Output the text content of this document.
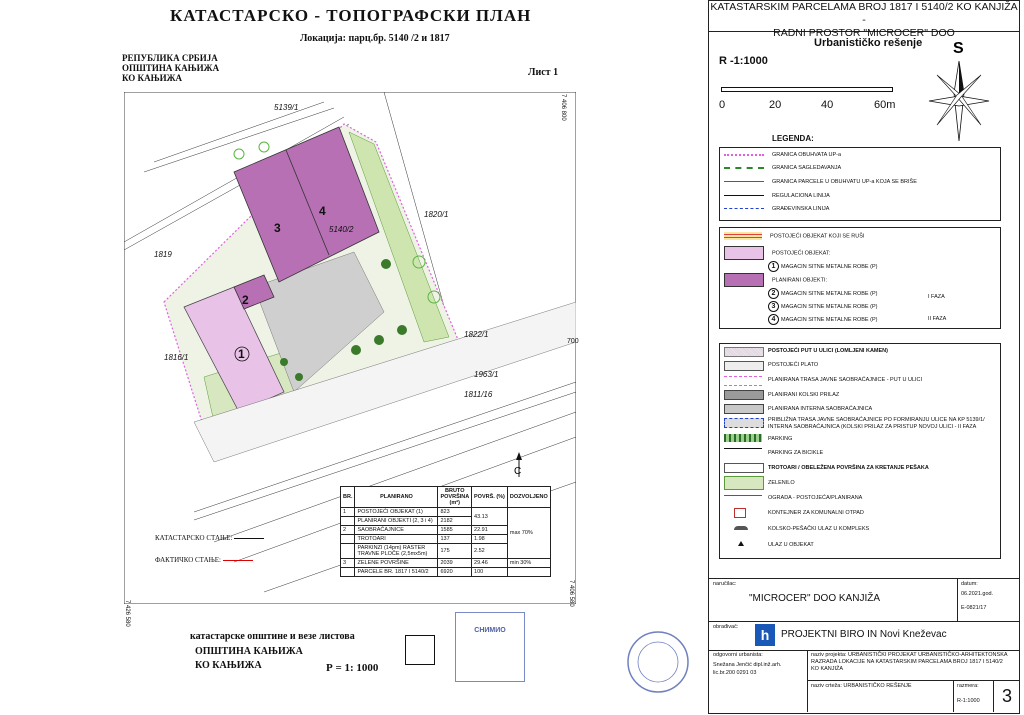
КАТАСТАРСКО - ТОПОГРАФСКИ ПЛАН
Локација: парц.бр. 5140 /2 и 1817
РЕПУБЛИКА СРБИЈА
ОПШТИНА КАЊИЖА
КО КАЊИЖА	Лист 1
1
2
3
4
5139/1
1819
1820/1
1816/1
1822/1
1963/1
1811/16
5140/2
С
7 406 800
700
7 426 580
7 406 580
BR.	PLANIRANO	BRUTO POVRŠINA (m²)	POVRŠ. (%)	DOZVOLJENO
1	POSTOJEĆI OBJEKAT (1)	823	43.13	max 70%
	PLANIRANI OBJEKTI (2, 3 i 4)	2182		
2	SAOBRAĆAJNICE	1585	22.91	
	TROTOARI	137	1.98	
	PARKINZI (14pm) RASTER TRAVNE PLOČE (2,5mx5m)	175	2.52	
3	ZELENE POVRŠINE	2039	29.46	min 30%
	PARCELE BR. 1817 I 5140/2	6920	100	
КАТАСТАРСКО СТАЊЕ:
ФАКТИЧКО СТАЊЕ:
катастарске општине и везе листова
ОПШТИНА КАЊИЖА
КО КАЊИЖА	Р = 1: 1000
СНИМИО
KATASTARSKIM PARCELAMA BROJ 1817 I 5140/2 KO KANJIŽA -
RADNI PROSTOR "MICROCER" DOO
Urbanističko rešenje
R -1:1000
0	20	40	60m
S
LEGENDA:
GRANICA OBUHVATA UP-a
GRANICA SAGLEDAVANJA
GRANICA PARCELE U OBUHVATU UP-a KOJA SE BRIŠE
REGULACIONA LINIJA
GRAĐEVINSKA LINIJA
POSTOJEĆI OBJEKAT KOJI SE RUŠI
POSTOJEĆI OBJEKAT:
1 MAGACIN SITNE METALNE ROBE (P)
PLANIRANI OBJEKTI:
2 MAGACIN SITNE METALNE ROBE (P)
3 MAGACIN SITNE METALNE ROBE (P)
4 MAGACIN SITNE METALNE ROBE (P)
I FAZA
II FAZA
POSTOJEĆI PUT U ULICI (LOMLJENI KAMEN)
POSTOJEĆI PLATO
PLANIRANA TRASA JAVNE SAOBRAĆAJNICE - PUT U ULICI
PLANIRANI KOLSKI PRILAZ
PLANIRANA INTERNA SAOBRAĆAJNICA
PRIBLIŽNA TRASA JAVNE SAOBRAĆAJNICE PO FORMIRANJU ULICE NA KP 5139/1/ INTERNA SAOBRAĆAJNICA (KOLSKI PRILAZ ZA PRISTUP NOVOJ ULICI - II FAZA
PARKING
PARKING ZA BICIKLE
TROTOARI / OBELEŽENA POVRŠINA ZA KRETANJE PEŠAKA
ZELENILO
OGRADA - POSTOJEĆA/PLANIRANA
KONTEJNER ZA KOMUNALNI OTPAD
KOLSKO-PEŠAČKI ULAZ U KOMPLEKS
ULAZ U OBJEKAT
naručilac:
"MICROCER" DOO KANJIŽA
datum:
06.2021.god.
E-0821/17
obrađivač:	h	PROJEKTNI BIRO IN Novi Kneževac
odgovorni urbanista:
Snežana Jenčić dipl.inž.arh.
lic.br.200 0291 03
naziv projekta: URBANISTIČKI PROJEKAT URBANISTIČKO-ARHITEKTONSKA RAZRADA LOKACIJE NA KATASTARSKIM PARCELAMA BROJ 1817 I 5140/2 KO KANJIŽA
naziv crteža: URBANISTIČKO REŠENJE	razmera:
R-1:1000	3
